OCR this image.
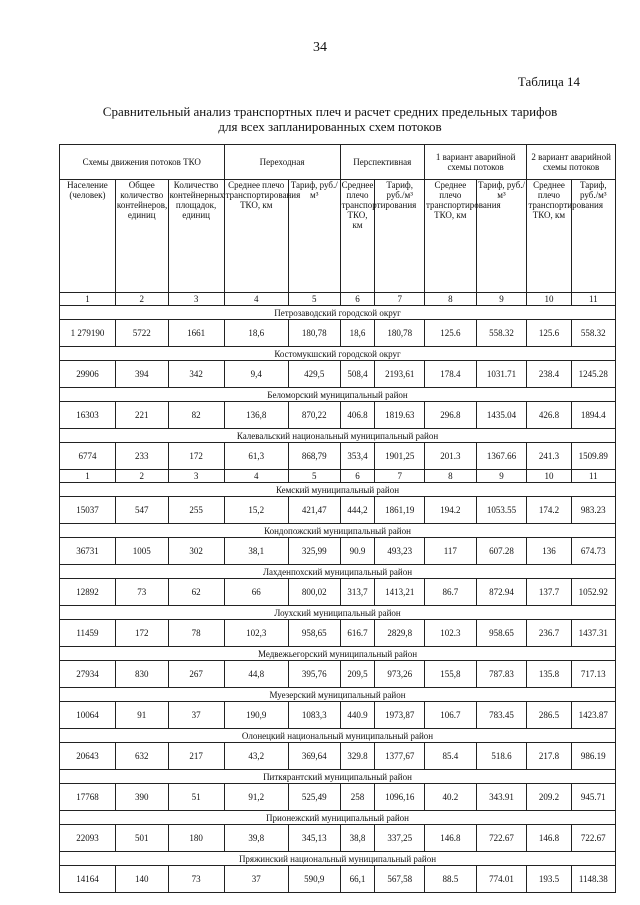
34
Таблица 14
Сравнительный анализ транспортных плеч и расчет средних предельных тарифов
для всех запланированных схем потоков
Схемы движения потоков ТКО			Переходная		Перспективная		1 вариант аварийной схемы потоков		2 вариант аварийной схемы потоков	
Население (человек)	Общее количество контейнеров, единиц	Количество контейнерных площадок, единиц	Среднее плечо транспортирования ТКО, км	Тариф, руб./м³	Среднее плечо транспортирования ТКО, км	Тариф, руб./м³	Среднее плечо транспортирования ТКО, км	Тариф, руб./м³	Среднее плечо транспортирования ТКО, км	Тариф, руб./м³
1	2	3	4	5	6	7	8	9	10	11
Петрозаводский городской округ										
1 279190	5722	1661	18,6	180,78	18,6	180,78	125.6	558.32	125.6	558.32
Костомукшский городской округ										
29906	394	342	9,4	429,5	508,4	2193,61	178.4	1031.71	238.4	1245.28
Беломорский муниципальный район										
16303	221	82	136,8	870,22	406.8	1819.63	296.8	1435.04	426.8	1894.4
Калевальский национальный муниципальный район										
6774	233	172	61,3	868,79	353,4	1901,25	201.3	1367.66	241.3	1509.89
1	2	3	4	5	6	7	8	9	10	11
Кемский муниципальный район										
15037	547	255	15,2	421,47	444,2	1861,19	194.2	1053.55	174.2	983.23
Кондопожский муниципальный район										
36731	1005	302	38,1	325,99	90.9	493,23	117	607.28	136	674.73
Лахденпохский муниципальный район										
12892	73	62	66	800,02	313,7	1413,21	86.7	872.94	137.7	1052.92
Лоухский муниципальный район										
11459	172	78	102,3	958,65	616.7	2829,8	102.3	958.65	236.7	1437.31
Медвежьегорский муниципальный район										
27934	830	267	44,8	395,76	209,5	973,26	155,8	787.83	135.8	717.13
Муезерский муниципальный район										
10064	91	37	190,9	1083,3	440.9	1973,87	106.7	783.45	286.5	1423.87
Олонецкий национальный муниципальный район										
20643	632	217	43,2	369,64	329.8	1377,67	85.4	518.6	217.8	986.19
Питкярантский муниципальный район										
17768	390	51	91,2	525,49	258	1096,16	40.2	343.91	209.2	945.71
Прионежский муниципальный район										
22093	501	180	39,8	345,13	38,8	337,25	146.8	722.67	146.8	722.67
Пряжинский национальный муниципальный район										
14164	140	73	37	590,9	66,1	567,58	88.5	774.01	193.5	1148.38
